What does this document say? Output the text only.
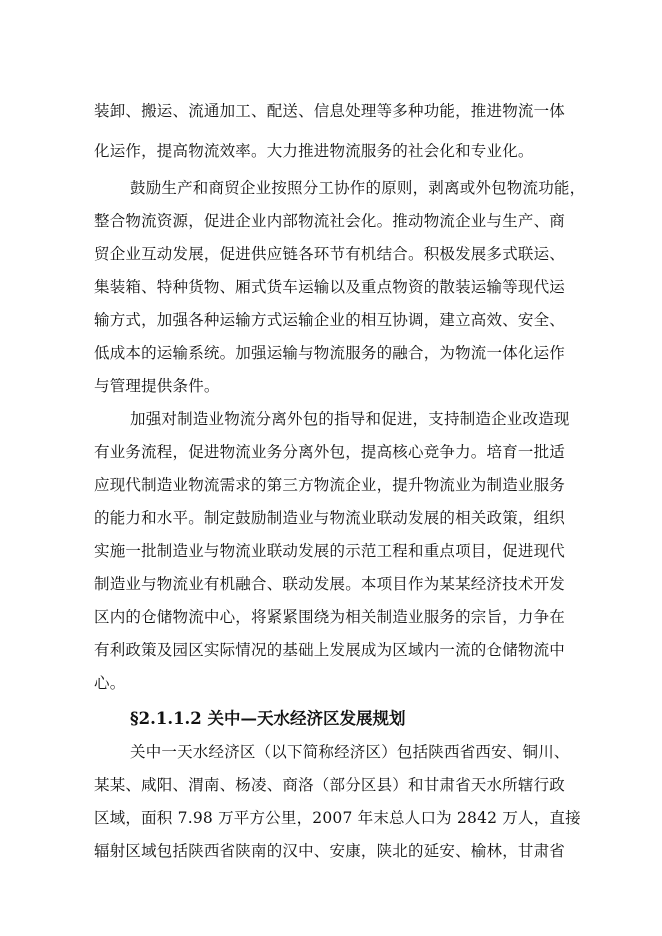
装卸、搬运、流通加工、配送、信息处理等多种功能，推进物流一体
化运作，提高物流效率。大力推进物流服务的社会化和专业化。
鼓励生产和商贸企业按照分工协作的原则，剥离或外包物流功能，
整合物流资源，促进企业内部物流社会化。推动物流企业与生产、商
贸企业互动发展，促进供应链各环节有机结合。积极发展多式联运、
集装箱、特种货物、厢式货车运输以及重点物资的散装运输等现代运
输方式，加强各种运输方式运输企业的相互协调，建立高效、安全、
低成本的运输系统。加强运输与物流服务的融合，为物流一体化运作
与管理提供条件。
加强对制造业物流分离外包的指导和促进，支持制造企业改造现
有业务流程，促进物流业务分离外包，提高核心竞争力。培育一批适
应现代制造业物流需求的第三方物流企业，提升物流业为制造业服务
的能力和水平。制定鼓励制造业与物流业联动发展的相关政策，组织
实施一批制造业与物流业联动发展的示范工程和重点项目，促进现代
制造业与物流业有机融合、联动发展。本项目作为某某经济技术开发
区内的仓储物流中心，将紧紧围绕为相关制造业服务的宗旨，力争在
有利政策及园区实际情况的基础上发展成为区域内一流的仓储物流中
心。
§2.1.1.2 关中—天水经济区发展规划
关中一天水经济区（以下简称经济区）包括陕西省西安、铜川、
某某、咸阳、渭南、杨凌、商洛（部分区县）和甘肃省天水所辖行政
区域，面积 7.98 万平方公里，2007 年末总人口为 2842 万人，直接
辐射区域包括陕西省陕南的汉中、安康，陕北的延安、榆林，甘肃省
